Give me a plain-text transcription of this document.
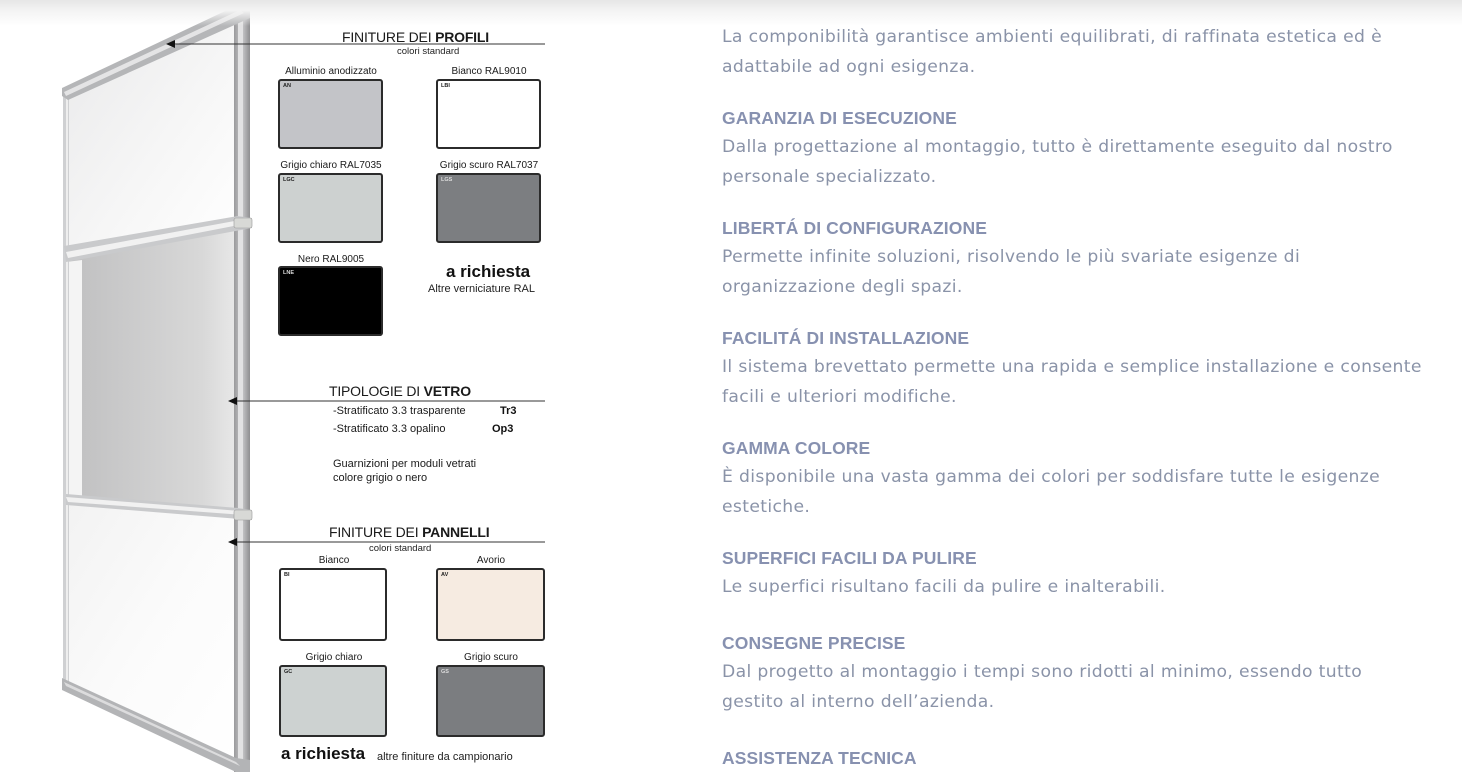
FINITURE DEI PROFILI
colori standard
Alluminio anodizzato
AN
Bianco RAL9010
LBI
Grigio chiaro RAL7035
LGC
Grigio scuro RAL7037
LGS
Nero RAL9005
LNE	a richiesta
Altre verniciature RAL
TIPOLOGIE DI VETRO
-Stratificato 3.3 trasparente	Tr3
-Stratificato 3.3 opalino	Op3
Guarnizioni per moduli vetrati
colore grigio o nero
FINITURE DEI PANNELLI
colori standard
Bianco
BI
Avorio
AV
Grigio chiaro
GC
Grigio scuro
GS
a richiesta altre finiture da campionario

La componibilità garantisce ambienti equilibrati, di raffinata estetica ed è adattabile ad ogni esigenza.

GARANZIA DI ESECUZIONE

Dalla progettazione al montaggio, tutto è direttamente eseguito dal nostro personale specializzato.

LIBERTÁ DI CONFIGURAZIONE

Permette infinite soluzioni, risolvendo le più svariate esigenze di organizzazione degli spazi.

FACILITÁ DI INSTALLAZIONE

Il sistema brevettato permette una rapida e semplice installazione e consente facili e ulteriori modifiche.

GAMMA COLORE

È disponibile una vasta gamma dei colori per soddisfare tutte le esigenze estetiche.

SUPERFICI FACILI DA PULIRE

Le superfici risultano facili da pulire e inalterabili.

CONSEGNE PRECISE

Dal progetto al montaggio i tempi sono ridotti al minimo, essendo tutto gestito al interno dell’azienda.

ASSISTENZA TECNICA
